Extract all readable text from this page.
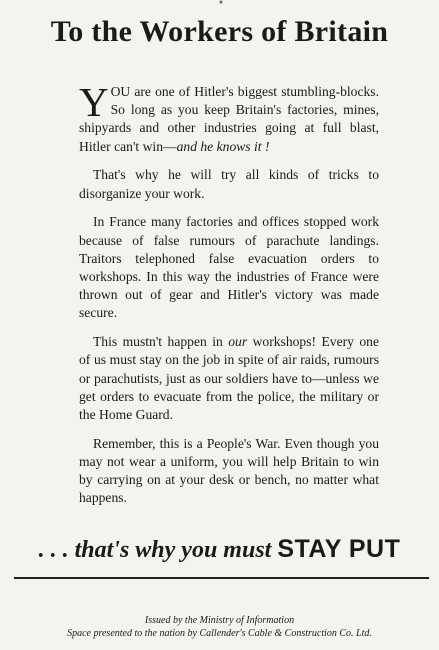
★
To the Workers of Britain

YOU are one of Hitler's biggest stumbling-blocks. So long as you keep Britain's factories, mines, shipyards and other industries going at full blast, Hitler can't win—and he knows it !

That's why he will try all kinds of tricks to disorganize your work.

In France many factories and offices stopped work because of false rumours of parachute landings. Traitors telephoned false evacuation orders to workshops. In this way the industries of France were thrown out of gear and Hitler's victory was made secure.

This mustn't happen in our workshops! Every one of us must stay on the job in spite of air raids, rumours or parachutists, just as our soldiers have to—unless we get orders to evacuate from the police, the military or the Home Guard.

Remember, this is a People's War. Even though you may not wear a uniform, you will help Britain to win by carrying on at your desk or bench, no matter what happens.

. . . that's why you must STAY PUT
Issued by the Ministry of Information
Space presented to the nation by Callender's Cable & Construction Co. Ltd.
